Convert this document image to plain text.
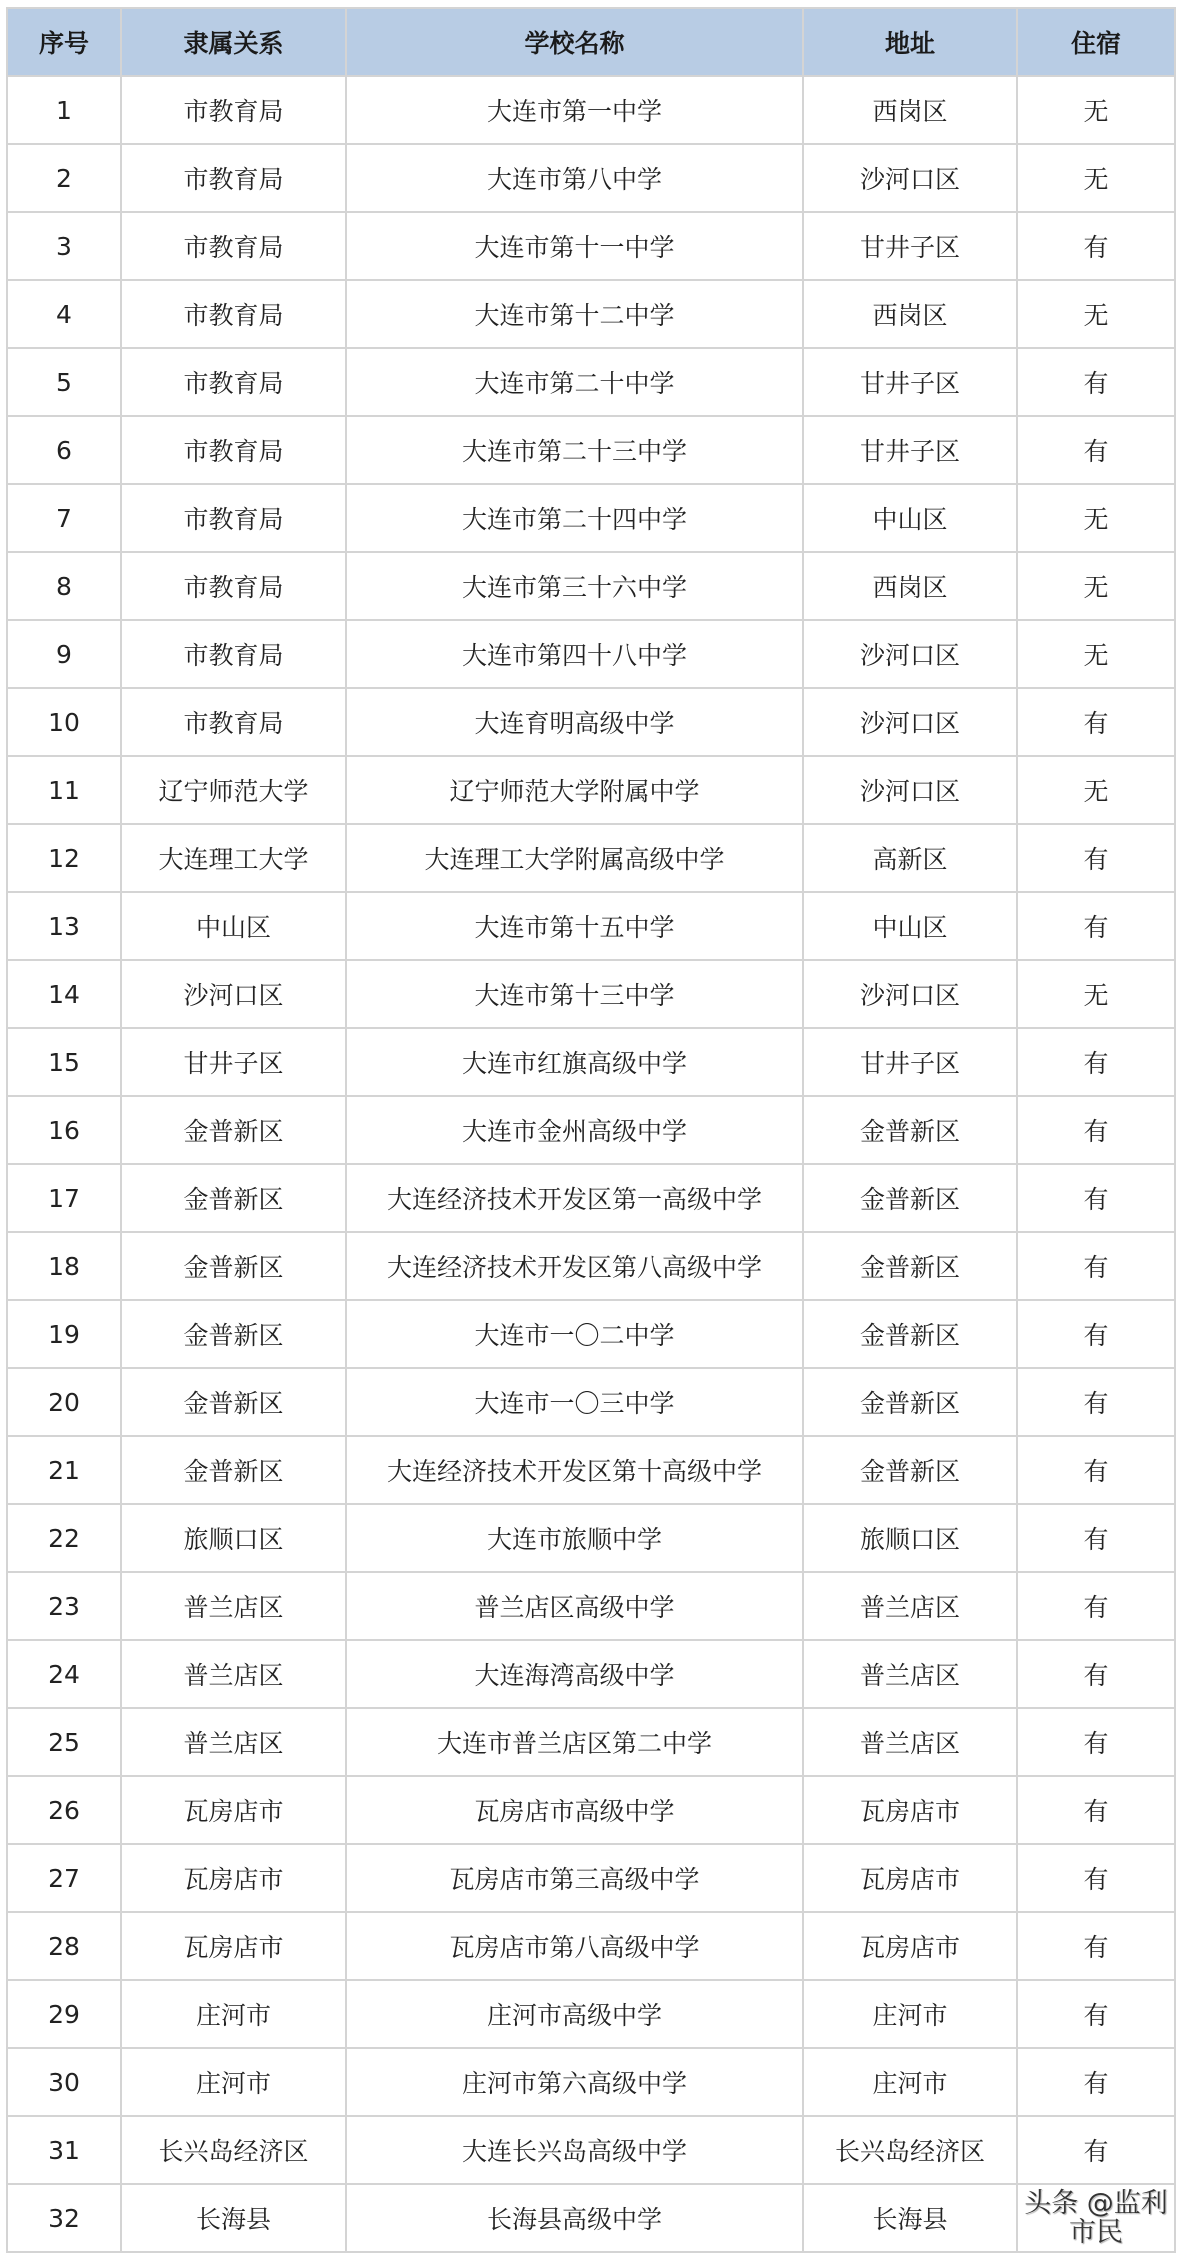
序号	隶属关系	学校名称	地址	住宿
1	市教育局	大连市第一中学	西岗区	无
2	市教育局	大连市第八中学	沙河口区	无
3	市教育局	大连市第十一中学	甘井子区	有
4	市教育局	大连市第十二中学	西岗区	无
5	市教育局	大连市第二十中学	甘井子区	有
6	市教育局	大连市第二十三中学	甘井子区	有
7	市教育局	大连市第二十四中学	中山区	无
8	市教育局	大连市第三十六中学	西岗区	无
9	市教育局	大连市第四十八中学	沙河口区	无
10	市教育局	大连育明高级中学	沙河口区	有
11	辽宁师范大学	辽宁师范大学附属中学	沙河口区	无
12	大连理工大学	大连理工大学附属高级中学	高新区	有
13	中山区	大连市第十五中学	中山区	有
14	沙河口区	大连市第十三中学	沙河口区	无
15	甘井子区	大连市红旗高级中学	甘井子区	有
16	金普新区	大连市金州高级中学	金普新区	有
17	金普新区	大连经济技术开发区第一高级中学	金普新区	有
18	金普新区	大连经济技术开发区第八高级中学	金普新区	有
19	金普新区	大连市一〇二中学	金普新区	有
20	金普新区	大连市一〇三中学	金普新区	有
21	金普新区	大连经济技术开发区第十高级中学	金普新区	有
22	旅顺口区	大连市旅顺中学	旅顺口区	有
23	普兰店区	普兰店区高级中学	普兰店区	有
24	普兰店区	大连海湾高级中学	普兰店区	有
25	普兰店区	大连市普兰店区第二中学	普兰店区	有
26	瓦房店市	瓦房店市高级中学	瓦房店市	有
27	瓦房店市	瓦房店市第三高级中学	瓦房店市	有
28	瓦房店市	瓦房店市第八高级中学	瓦房店市	有
29	庄河市	庄河市高级中学	庄河市	有
30	庄河市	庄河市第六高级中学	庄河市	有
31	长兴岛经济区	大连长兴岛高级中学	长兴岛经济区	有
32	长海县	长海县高级中学	长海县	头条 @监利市民
